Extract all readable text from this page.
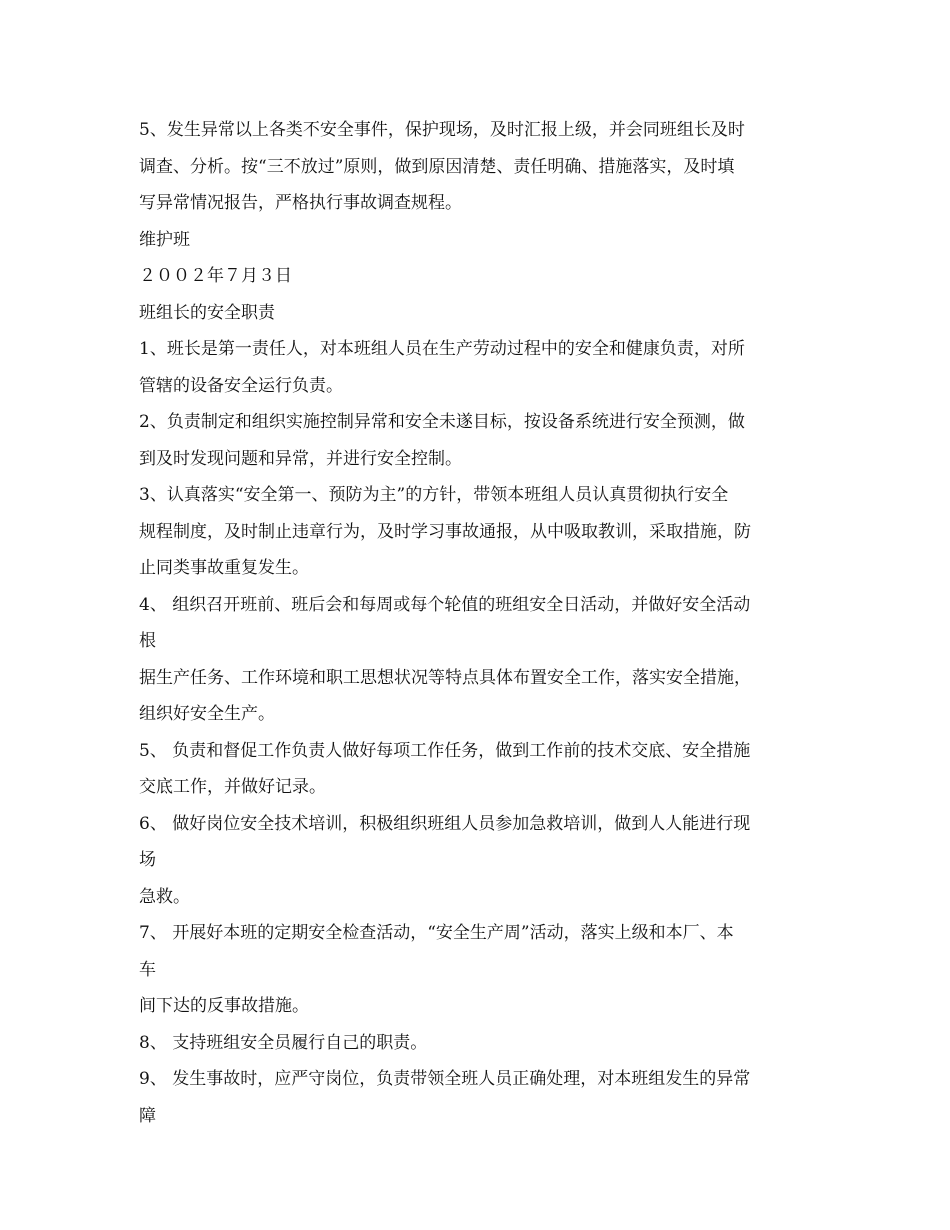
5、发生异常以上各类不安全事件，保护现场，及时汇报上级，并会同班组长及时
调查、分析。按“三不放过”原则，做到原因清楚、责任明确、措施落实，及时填
写异常情况报告，严格执行事故调查规程。
维护班
２００２年７月３日
班组长的安全职责
1、班长是第一责任人，对本班组人员在生产劳动过程中的安全和健康负责，对所
管辖的设备安全运行负责。
2、负责制定和组织实施控制异常和安全未遂目标，按设备系统进行安全预测，做
到及时发现问题和异常，并进行安全控制。
3、认真落实“安全第一、预防为主”的方针，带领本班组人员认真贯彻执行安全
规程制度，及时制止违章行为，及时学习事故通报，从中吸取教训，采取措施，防
止同类事故重复发生。
4、 组织召开班前、班后会和每周或每个轮值的班组安全日活动，并做好安全活动
根
据生产任务、工作环境和职工思想状况等特点具体布置安全工作，落实安全措施，
组织好安全生产。
5、 负责和督促工作负责人做好每项工作任务，做到工作前的技术交底、安全措施
交底工作，并做好记录。
6、 做好岗位安全技术培训，积极组织班组人员参加急救培训，做到人人能进行现
场
急救。
7、 开展好本班的定期安全检查活动，“安全生产周”活动，落实上级和本厂、本
车
间下达的反事故措施。
8、 支持班组安全员履行自己的职责。
9、 发生事故时，应严守岗位，负责带领全班人员正确处理，对本班组发生的异常
障
